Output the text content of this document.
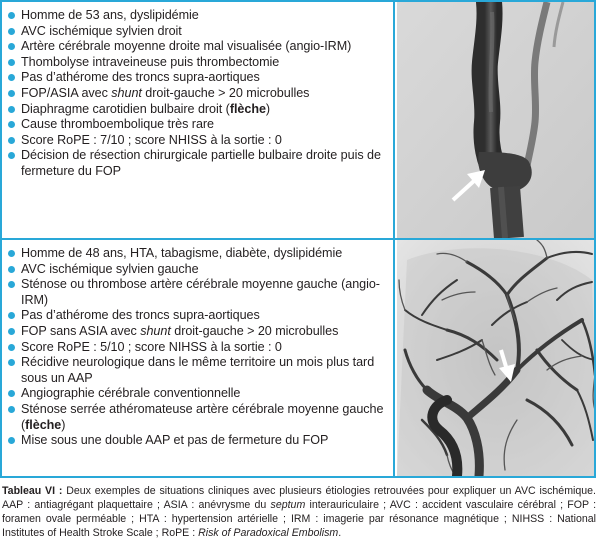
Homme de 53 ans, dyslipidémie
AVC ischémique sylvien droit
Artère cérébrale moyenne droite mal visualisée (angio-IRM)
Thombolyse intraveineuse puis thrombectomie
Pas d’athérome des troncs supra-aortiques
FOP/ASIA avec shunt droit-gauche > 20 microbulles
Diaphragme carotidien bulbaire droit (flèche)
Cause thromboembolique très rare
Score RoPE : 7/10 ; score NHISS à la sortie : 0
Décision de résection chirurgicale partielle bulbaire droite puis de fermeture du FOP
Homme de 48 ans, HTA, tabagisme, diabète, dyslipidémie
AVC ischémique sylvien gauche
Sténose ou thrombose artère cérébrale moyenne gauche (angio-IRM)
Pas d’athérome des troncs supra-aortiques
FOP sans ASIA avec shunt droit-gauche > 20 microbulles
Score RoPE : 5/10 ; score NIHSS à la sortie : 0
Récidive neurologique dans le même territoire un mois plus tard sous un AAP
Angiographie cérébrale conventionnelle
Sténose serrée athéromateuse artère cérébrale moyenne gauche (flèche)
Mise sous une double AAP et pas de fermeture du FOP
Tableau VI : Deux exemples de situations cliniques avec plusieurs étiologies retrouvées pour expliquer un AVC ischémique. AAP : antiagrégant plaquettaire ; ASIA : anévrysme du septum interauriculaire ; AVC : accident vasculaire cérébral ; FOP : foramen ovale perméable ; HTA : hypertension artérielle ; IRM : imagerie par résonance magnétique ; NIHSS : National Institutes of Health Stroke Scale ; RoPE : Risk of Paradoxical Embolism.
